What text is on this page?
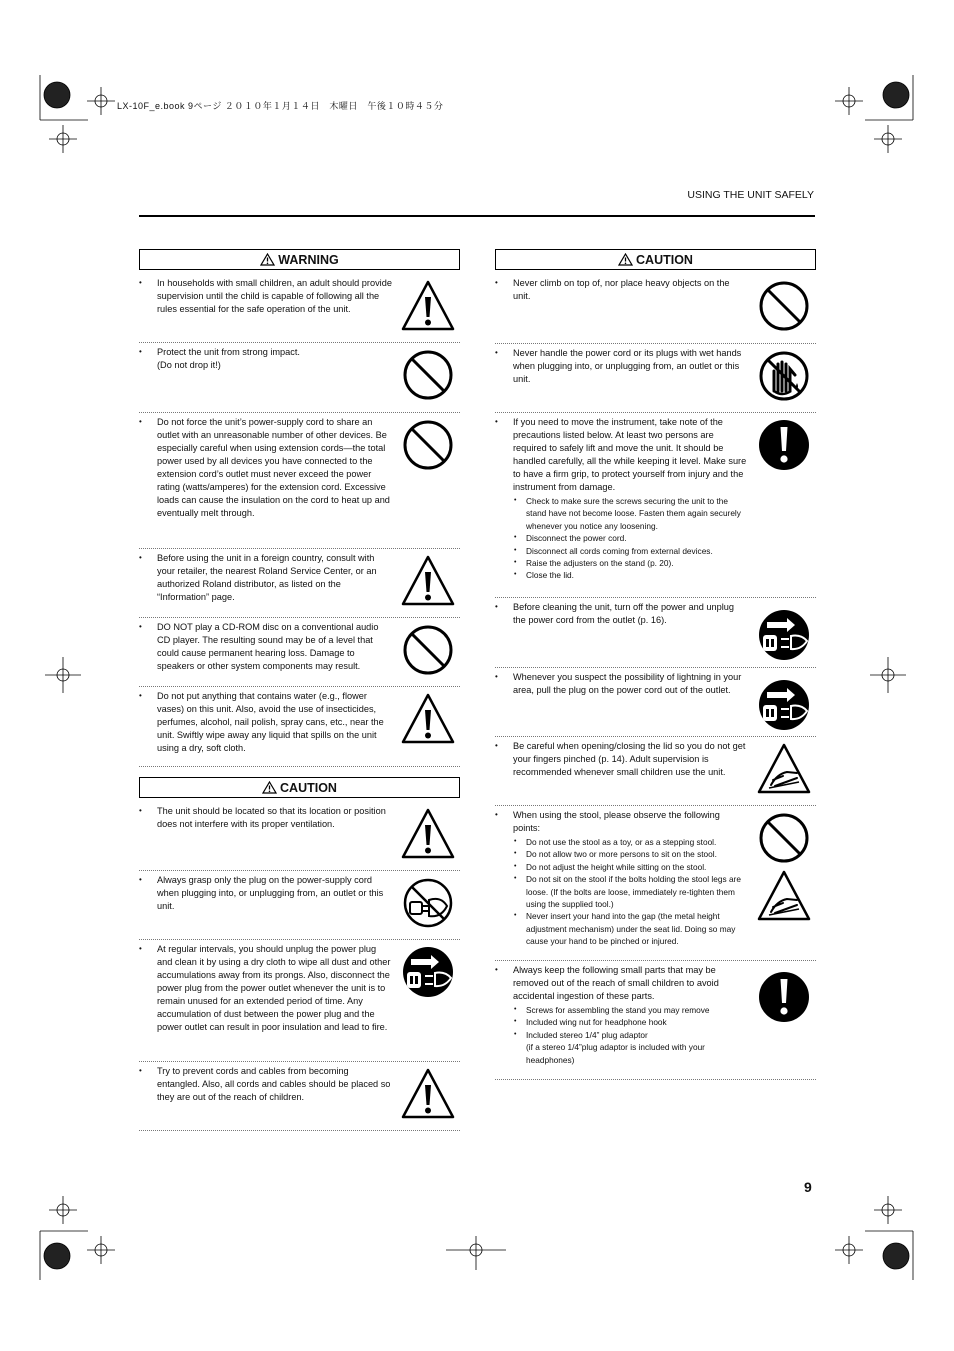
LX-10F_e.book 9ページ ２０１０年１月１４日　木曜日　午後１０時４５分
USING THE UNIT SAFELY
WARNING
• In households with small children, an adult should provide supervision until the child is capable of following all the rules essential for the safe operation of the unit.
• Protect the unit from strong impact.
(Do not drop it!)
• Do not force the unit’s power-supply cord to share an outlet with an unreasonable number of other devices. Be especially careful when using extension cords—the total power used by all devices you have connected to the extension cord’s outlet must never exceed the power rating (watts/amperes) for the extension cord. Excessive loads can cause the insulation on the cord to heat up and eventually melt through.
• Before using the unit in a foreign country, consult with your retailer, the nearest Roland Service Center, or an authorized Roland distributor, as listed on the “Information” page.
• DO NOT play a CD-ROM disc on a conventional audio CD player. The resulting sound may be of a level that could cause permanent hearing loss. Damage to speakers or other system components may result.
• Do not put anything that contains water (e.g., flower vases) on this unit. Also, avoid the use of insecticides, perfumes, alcohol, nail polish, spray cans, etc., near the unit. Swiftly wipe away any liquid that spills on the unit using a dry, soft cloth.
CAUTION
• The unit should be located so that its location or position does not interfere with its proper ventilation.
• Always grasp only the plug on the power-supply cord when plugging into, or unplugging from, an outlet or this unit.
• At regular intervals, you should unplug the power plug and clean it by using a dry cloth to wipe all dust and other accumulations away from its prongs. Also, disconnect the power plug from the power outlet whenever the unit is to remain unused for an extended period of time. Any accumulation of dust between the power plug and the power outlet can result in poor insulation and lead to fire.
• Try to prevent cords and cables from becoming entangled. Also, all cords and cables should be placed so they are out of the reach of children.
CAUTION
• Never climb on top of, nor place heavy objects on the unit.
• Never handle the power cord or its plugs with wet hands when plugging into, or unplugging from, an outlet or this unit.
• If you need to move the instrument, take note of the precautions listed below. At least two persons are required to safely lift and move the unit. It should be handled carefully, all the while keeping it level. Make sure to have a firm grip, to protect yourself from injury and the instrument from damage.
• Check to make sure the screws securing the unit to the stand have not become loose. Fasten them again securely whenever you notice any loosening.
• Disconnect the power cord.
• Disconnect all cords coming from external devices.
• Raise the adjusters on the stand (p. 20).
• Close the lid.
• Before cleaning the unit, turn off the power and unplug the power cord from the outlet (p. 16).
• Whenever you suspect the possibility of lightning in your area, pull the plug on the power cord out of the outlet.
• Be careful when opening/closing the lid so you do not get your fingers pinched (p. 14). Adult supervision is recommended whenever small children use the unit.
• When using the stool, please observe the following points:
• Do not use the stool as a toy, or as a stepping stool.
• Do not allow two or more persons to sit on the stool.
• Do not adjust the height while sitting on the stool.
• Do not sit on the stool if the bolts holding the stool legs are loose. (If the bolts are loose, immediately re-tighten them using the supplied tool.)
• Never insert your hand into the gap (the metal height adjustment mechanism) under the seat lid. Doing so may cause your hand to be pinched or injured.
• Always keep the following small parts that may be removed out of the reach of small children to avoid accidental ingestion of these parts.
• Screws for assembling the stand you may remove
• Included wing nut for headphone hook
• Included stereo 1/4” plug adaptor
(if a stereo 1/4”plug adaptor is included with your headphones)
9
